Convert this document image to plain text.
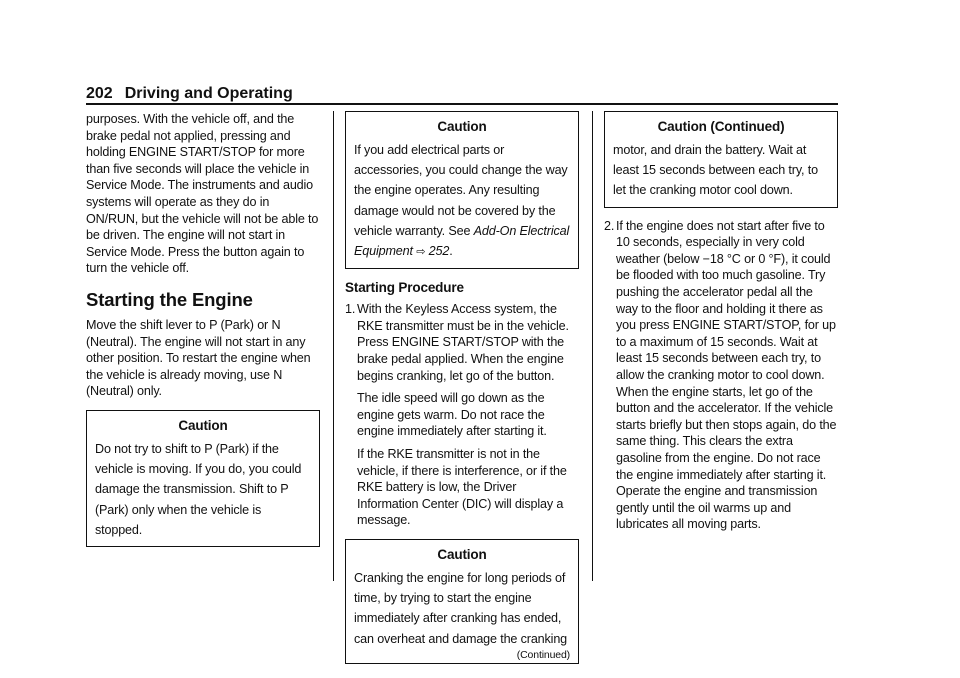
202 Driving and Operating

purposes. With the vehicle off, and the brake pedal not applied, pressing and holding ENGINE START/STOP for more than five seconds will place the vehicle in Service Mode. The instruments and audio systems will operate as they do in ON/RUN, but the vehicle will not be able to be driven. The engine will not start in Service Mode. Press the button again to turn the vehicle off.

Starting the Engine

Move the shift lever to P (Park) or N (Neutral). The engine will not start in any other position. To restart the engine when the vehicle is already moving, use N (Neutral) only.

Caution
Do not try to shift to P (Park) if the vehicle is moving. If you do, you could damage the transmission. Shift to P (Park) only when the vehicle is stopped.
Caution
If you add electrical parts or accessories, you could change the way the engine operates. Any resulting damage would not be covered by the vehicle warranty. See Add-On Electrical Equipment ⇨ 252.
Starting Procedure
1. With the Keyless Access system, the RKE transmitter must be in the vehicle. Press ENGINE START/STOP with the brake pedal applied. When the engine begins cranking, let go of the button.
The idle speed will go down as the engine gets warm. Do not race the engine immediately after starting it.
If the RKE transmitter is not in the vehicle, if there is interference, or if the RKE battery is low, the Driver Information Center (DIC) will display a message.
Caution
Cranking the engine for long periods of time, by trying to start the engine immediately after cranking has ended, can overheat and damage the cranking
(Continued)
Caution (Continued)
motor, and drain the battery. Wait at least 15 seconds between each try, to let the cranking motor cool down.
2. If the engine does not start after five to 10 seconds, especially in very cold weather (below −18 °C or 0 °F), it could be flooded with too much gasoline. Try pushing the accelerator pedal all the way to the floor and holding it there as you press ENGINE START/STOP, for up to a maximum of 15 seconds. Wait at least 15 seconds between each try, to allow the cranking motor to cool down. When the engine starts, let go of the button and the accelerator. If the vehicle starts briefly but then stops again, do the same thing. This clears the extra gasoline from the engine. Do not race the engine immediately after starting it. Operate the engine and transmission gently until the oil warms up and lubricates all moving parts.
